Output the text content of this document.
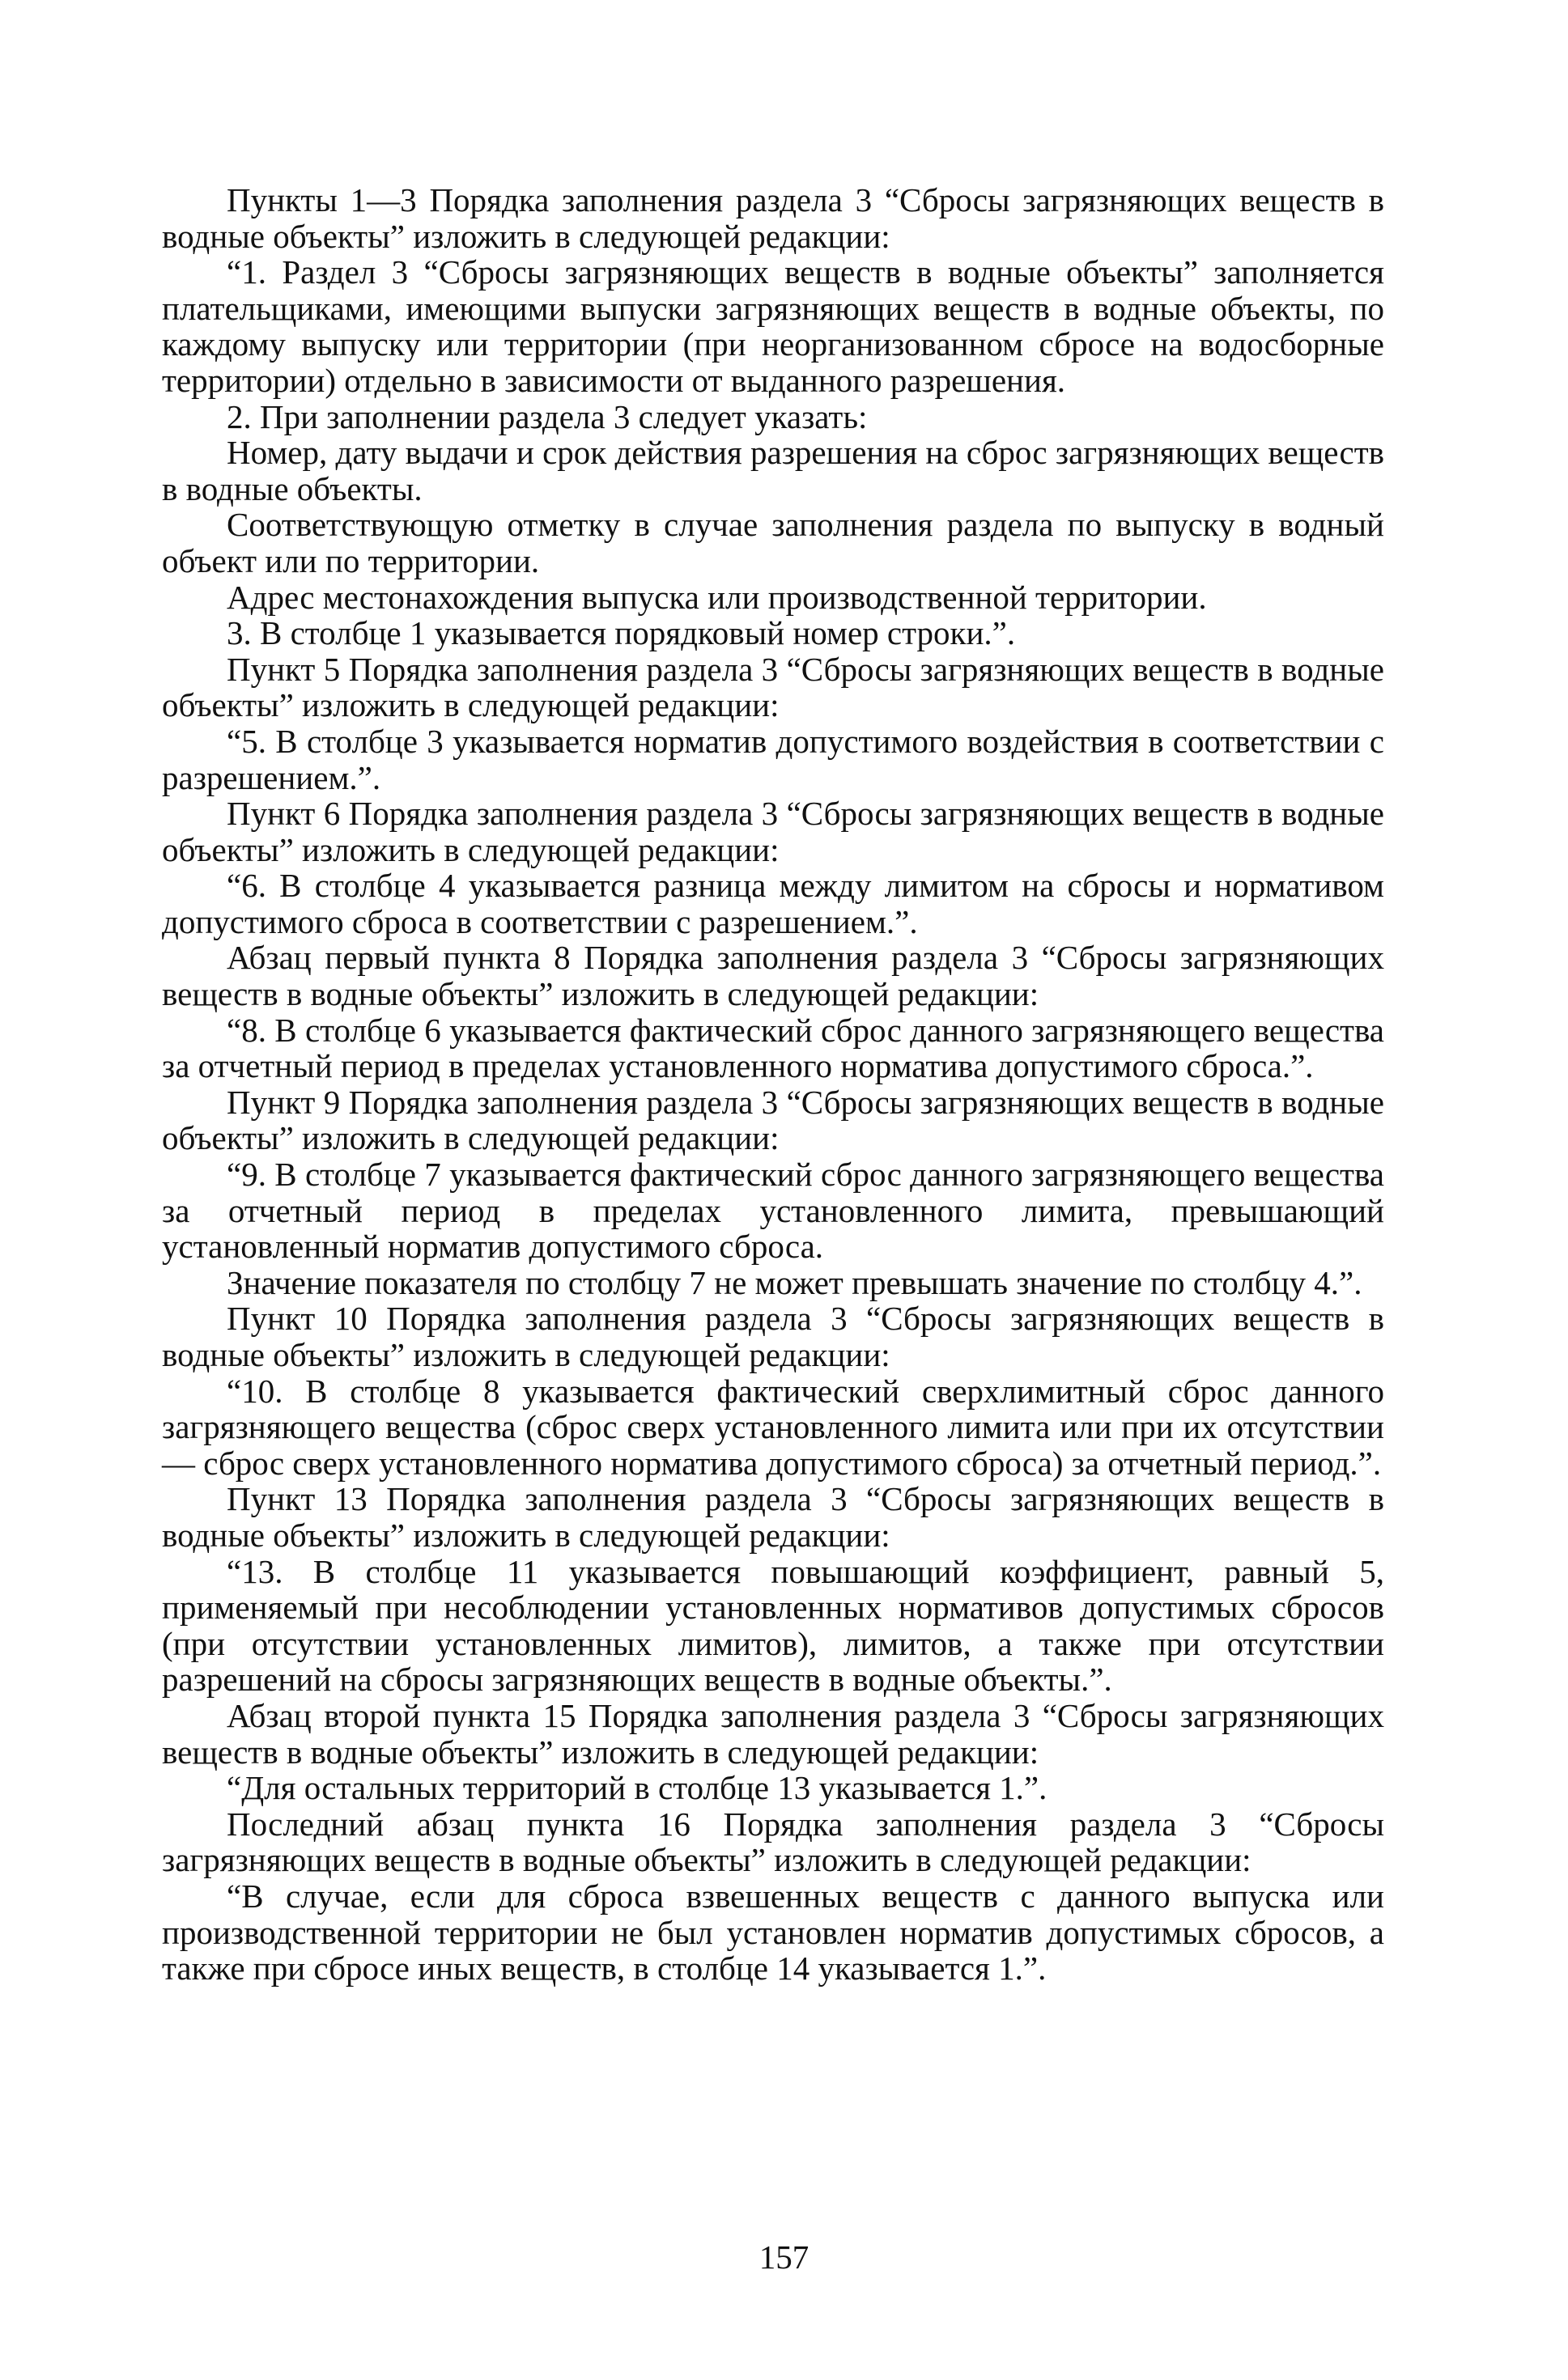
Пункты 1—3 Порядка заполнения раздела 3 “Сбросы загрязняющих веществ в водные объекты” изложить в следующей редакции:

“1. Раздел 3 “Сбросы загрязняющих веществ в водные объекты” заполняется плательщиками, имеющими выпуски загрязняющих веществ в водные объекты, по каждому выпуску или территории (при неорганизованном сбросе на водосборные территории) отдельно в зависимости от выданного разрешения.

2. При заполнении раздела 3 следует указать:

Номер, дату выдачи и срок действия разрешения на сброс загрязняющих веществ в водные объекты.

Соответствующую отметку в случае заполнения раздела по выпуску в водный объект или по территории.

Адрес местонахождения выпуска или производственной территории.

3. В столбце 1 указывается порядковый номер строки.”.

Пункт 5 Порядка заполнения раздела 3 “Сбросы загрязняющих веществ в водные объекты” изложить в следующей редакции:

“5. В столбце 3 указывается норматив допустимого воздействия в соответствии с разрешением.”.

Пункт 6 Порядка заполнения раздела 3 “Сбросы загрязняющих веществ в водные объекты” изложить в следующей редакции:

“6. В столбце 4 указывается разница между лимитом на сбросы и нормативом допустимого сброса в соответствии с разрешением.”.

Абзац первый пункта 8 Порядка заполнения раздела 3 “Сбросы загрязняющих веществ в водные объекты” изложить в следующей редакции:

“8. В столбце 6 указывается фактический сброс данного загрязняющего вещества за отчетный период в пределах установленного норматива допустимого сброса.”.

Пункт 9 Порядка заполнения раздела 3 “Сбросы загрязняющих веществ в водные объекты” изложить в следующей редакции:

“9. В столбце 7 указывается фактический сброс данного загрязняющего вещества за отчетный период в пределах установленного лимита, превышающий установленный норматив допустимого сброса.

Значение показателя по столбцу 7 не может превышать значение по столбцу 4.”.

Пункт 10 Порядка заполнения раздела 3 “Сбросы загрязняющих веществ в водные объекты” изложить в следующей редакции:

“10. В столбце 8 указывается фактический сверхлимитный сброс данного загрязняющего вещества (сброс сверх установленного лимита или при их отсутствии — сброс сверх установленного норматива допустимого сброса) за отчетный период.”.

Пункт 13 Порядка заполнения раздела 3 “Сбросы загрязняющих веществ в водные объекты” изложить в следующей редакции:

“13. В столбце 11 указывается повышающий коэффициент, равный 5, применяемый при несоблюдении установленных нормативов допустимых сбросов (при отсутствии установленных лимитов), лимитов, а также при отсутствии разрешений на сбросы загрязняющих веществ в водные объекты.”.

Абзац второй пункта 15 Порядка заполнения раздела 3 “Сбросы загрязняющих веществ в водные объекты” изложить в следующей редакции:

“Для остальных территорий в столбце 13 указывается 1.”.

Последний абзац пункта 16 Порядка заполнения раздела 3 “Сбросы загрязняющих веществ в водные объекты” изложить в следующей редакции:

“В случае, если для сброса взвешенных веществ с данного выпуска или производственной территории не был установлен норматив допустимых сбросов, а также при сбросе иных веществ, в столбце 14 указывается 1.”.

157
